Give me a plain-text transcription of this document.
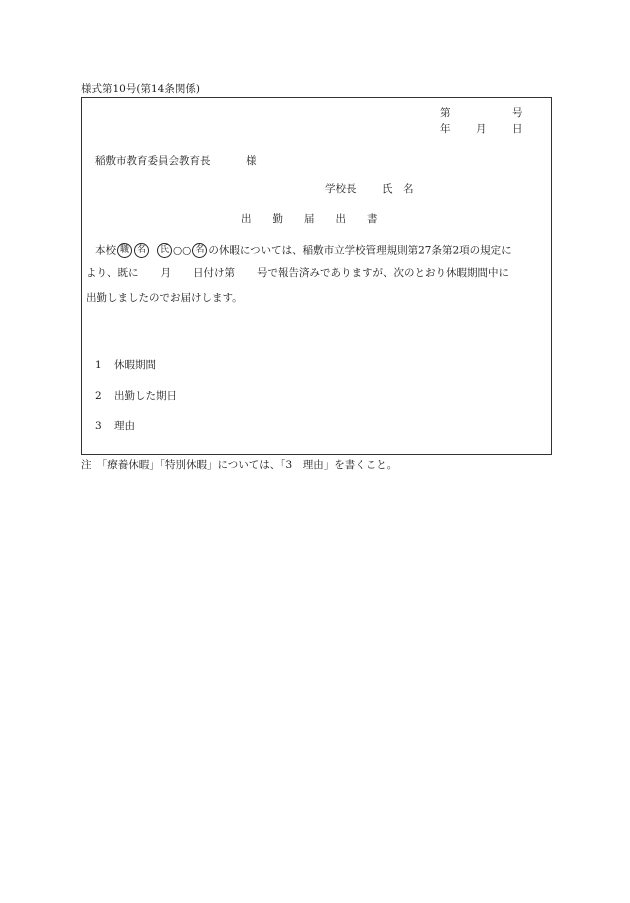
様式第10号(第14条関係)
第	号
年 月 日
稲敷市教育委員会教育長	様
学校長 氏　名
出　　勤　　届　　出　　書
本校 職 名 氏 ○○ 名 の休暇については、稲敷市立学校管理規則第27条第2項の規定に
より、既に 月 日付け第 号で報告済みでありますが、次のとおり休暇期間中に
出勤しましたのでお届けします。
1 休暇期間
2 出勤した期日
3 理由
注　「療養休暇」「特別休暇」については、「3　理由」を書くこと。
